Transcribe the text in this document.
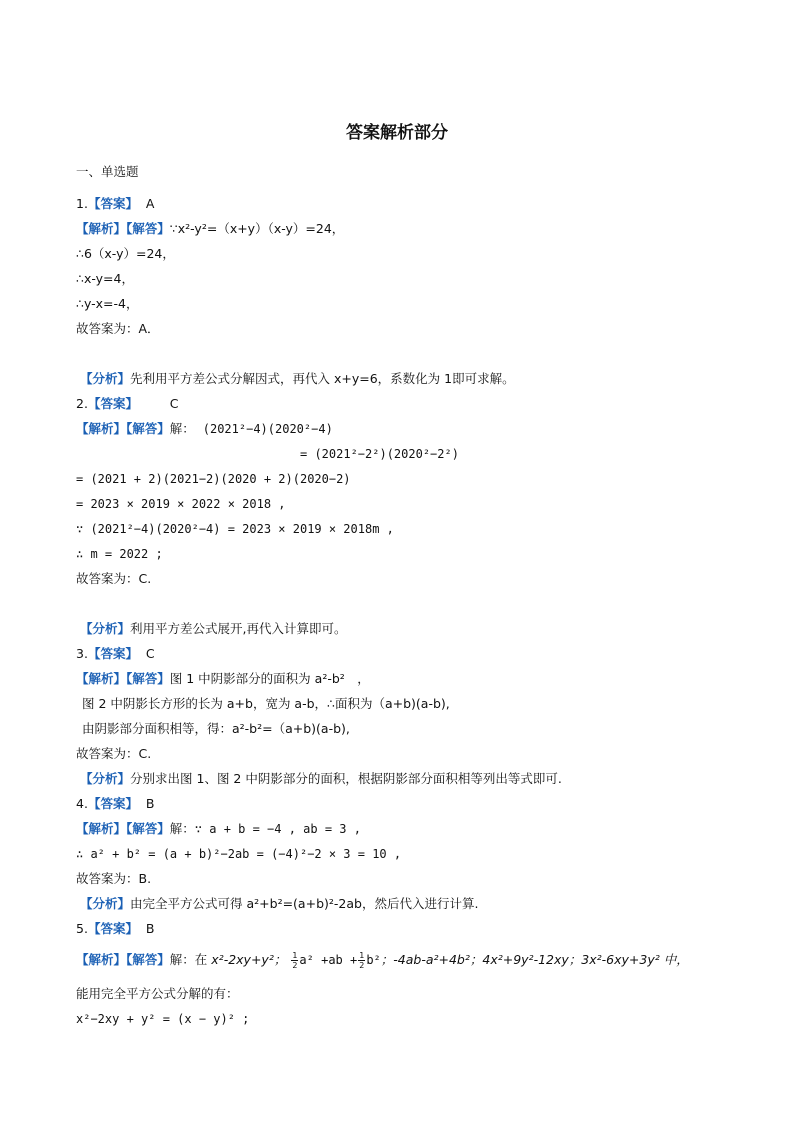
答案解析部分
一、单选题
1.【答案】 A
【解析】【解答】∵x²-y²=（x+y）（x-y）=24，
∴6（x-y）=24，
∴x-y=4，
∴y-x=-4，
故答案为：A．
【分析】先利用平方差公式分解因式，再代入 x+y=6，系数化为 1即可求解。
2.【答案】	C
【解析】【解答】解： (2021²−4)(2020²−4)
= (2021²−2²)(2020²−2²)
= (2021 + 2)(2021−2)(2020 + 2)(2020−2)
= 2023 × 2019 × 2022 × 2018 ,
∵ (2021²−4)(2020²−4) = 2023 × 2019 × 2018m ,
∴ m = 2022 ;
故答案为：C.
【分析】利用平方差公式展开,再代入计算即可。
3.【答案】 C
【解析】【解答】图 1 中阴影部分的面积为 a²-b²　，
图 2 中阴影长方形的长为 a+b，宽为 a-b，∴面积为（a+b)(a-b),
由阴影部分面积相等，得：a²-b²=（a+b)(a-b),
故答案为：C.
【分析】分别求出图 1、图 2 中阴影部分的面积，根据阴影部分面积相等列出等式即可.
4.【答案】 B
【解析】【解答】解：∵ a + b = −4 , ab = 3 ,
∴ a² + b² = (a + b)²−2ab = (−4)²−2 × 3 = 10 ,
故答案为：B.
【分析】由完全平方公式可得 a²+b²=(a+b)²-2ab，然后代入进行计算.
5.【答案】 B
【解析】【解答】解：在 x²-2xy+y²； $\frac{1}{2} a^2 +ab + \frac{1}{2} b^2$；-4ab-a²+4b²；4x²+9y²-12xy；3x²-6xy+3y² 中，
能用完全平方公式分解的有：
x²−2xy + y² = (x − y)² ;
